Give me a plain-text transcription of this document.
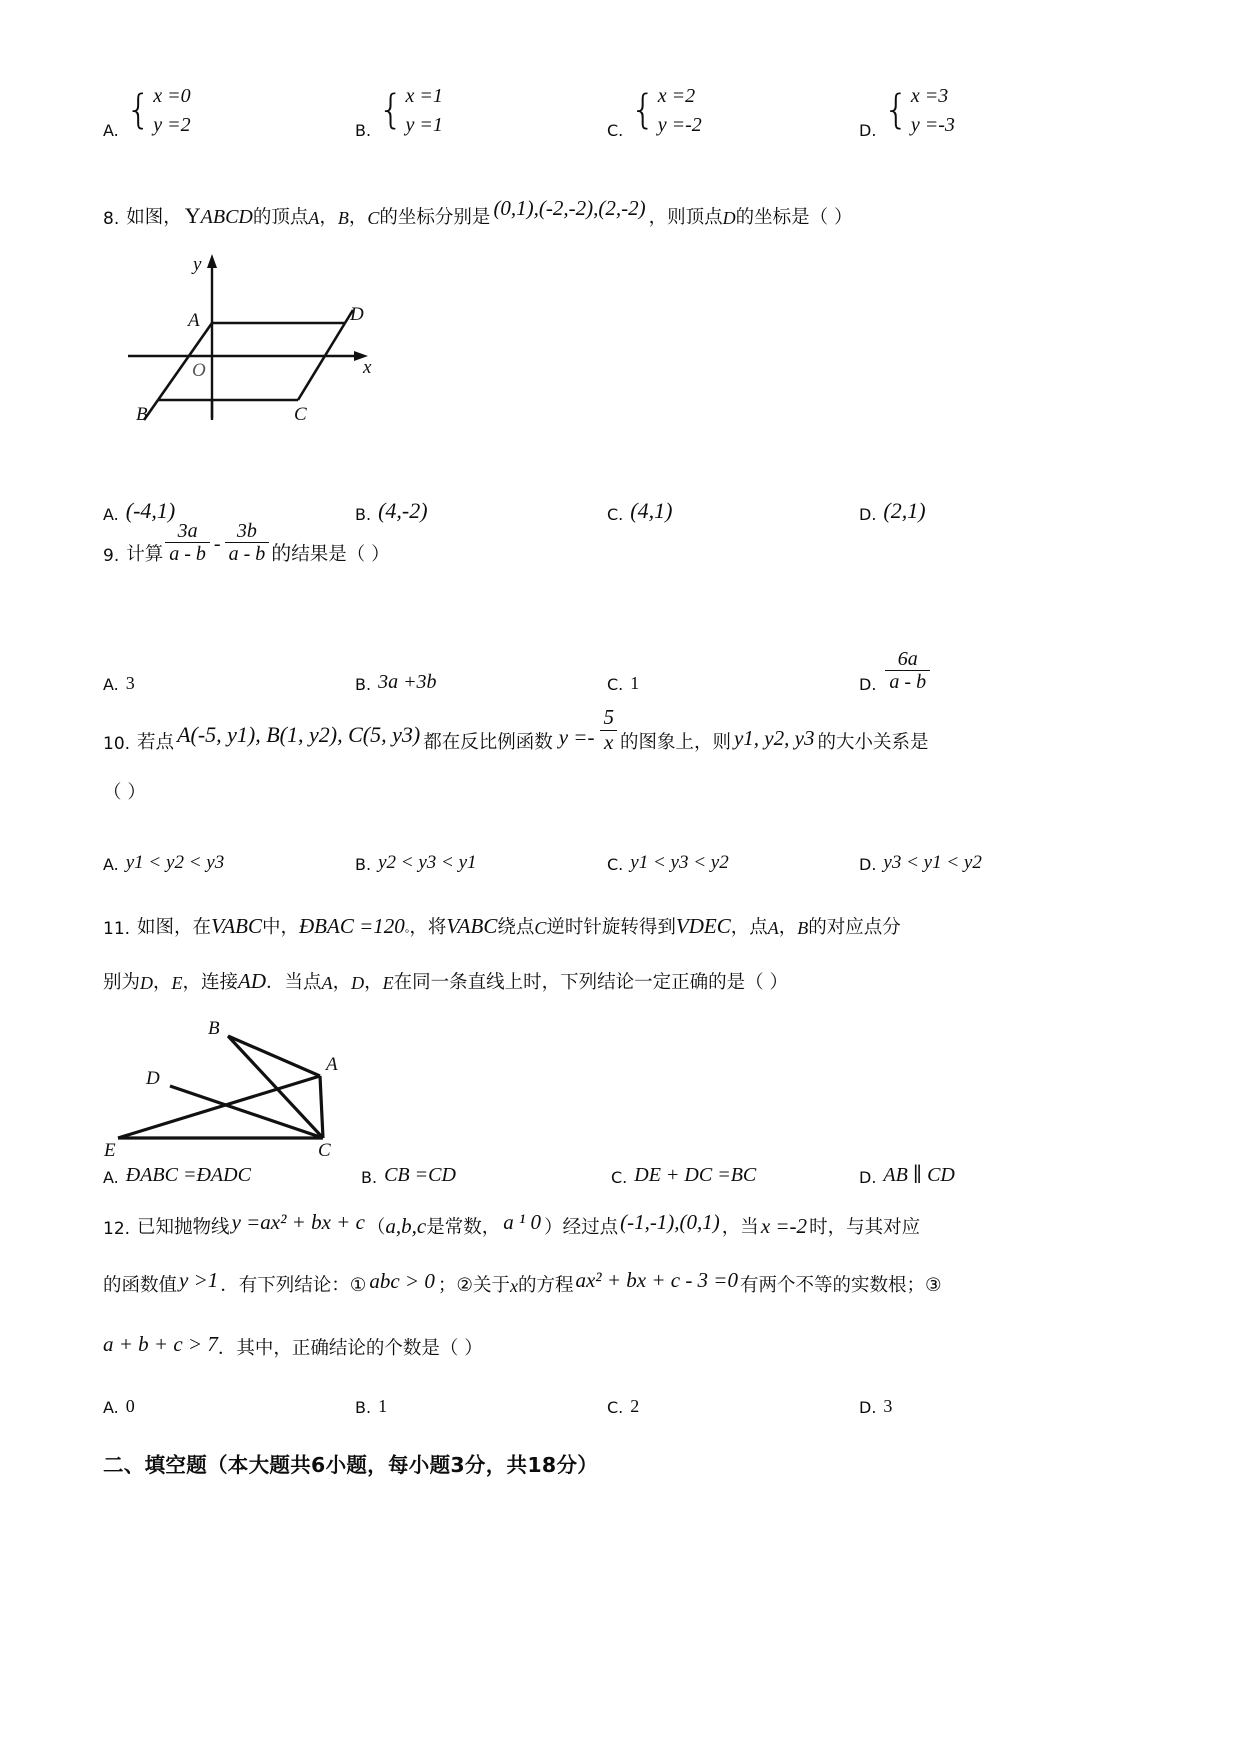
A. { x =0
y =2	B. { x =1
y =1	C. { x =2
y =-2	D. { x =3
y =-3
8. 如图， Y ABCD 的顶点 A ， B ， C 的坐标分别是 (0,1),(-2,-2),(2,-2) ，则顶点 D 的坐标是（ ）
A	D
B	C
O
y
x
A. (-4,1)	B. (4,-2)	C. (4,1)	D. (2,1)
9. 计算 $\frac{3a}{a - b} - \frac{3b}{a - b}$ 的 结果是（ ）
A. 3	B. 3a +3b	C. 1	D. $\frac{6a}{a - b}$
10. 若点 A(-5, y1), B(1, y2), C(5, y3) 都在反比例函数 $y =- \frac{5}{x}$ 的图象上，则 y1, y2, y3 的大小关系是
（ ）
A. y1 < y2 < y3	B. y2 < y3 < y1	C. y1 < y3 < y2	D. y3 < y1 < y2
11. 如图，在 VABC 中， ÐBAC =120 ◦ ，将 VABC 绕点 C 逆时针旋转得到 VDEC ，点 A ， B 的对应点分
别为 D ， E ，连接 AD ．当点 A ， D ， E 在同一条直线上时，下列结论一定正确的是（ ）
B
A
D
E	C
A. ÐABC =ÐADC	B. CB =CD	C. DE + DC =BC	D. AB ∥ CD
12. 已知抛物线 y =ax² + bx + c （ a,b,c 是常数， a ¹ 0 ）经过点 (-1,-1),(0,1) ，当 x =-2 时，与其对应
的函数值 y >1 ．有下列结论：① abc > 0 ；②关于 x 的方程 ax² + bx + c - 3 =0 有两个不等的实数根；③
a + b + c > 7 ．其中，正确结论的个数是（ ）
A. 0	B. 1	C. 2	D. 3
二、填空题（本大题共6小题，每小题3分，共18分）
